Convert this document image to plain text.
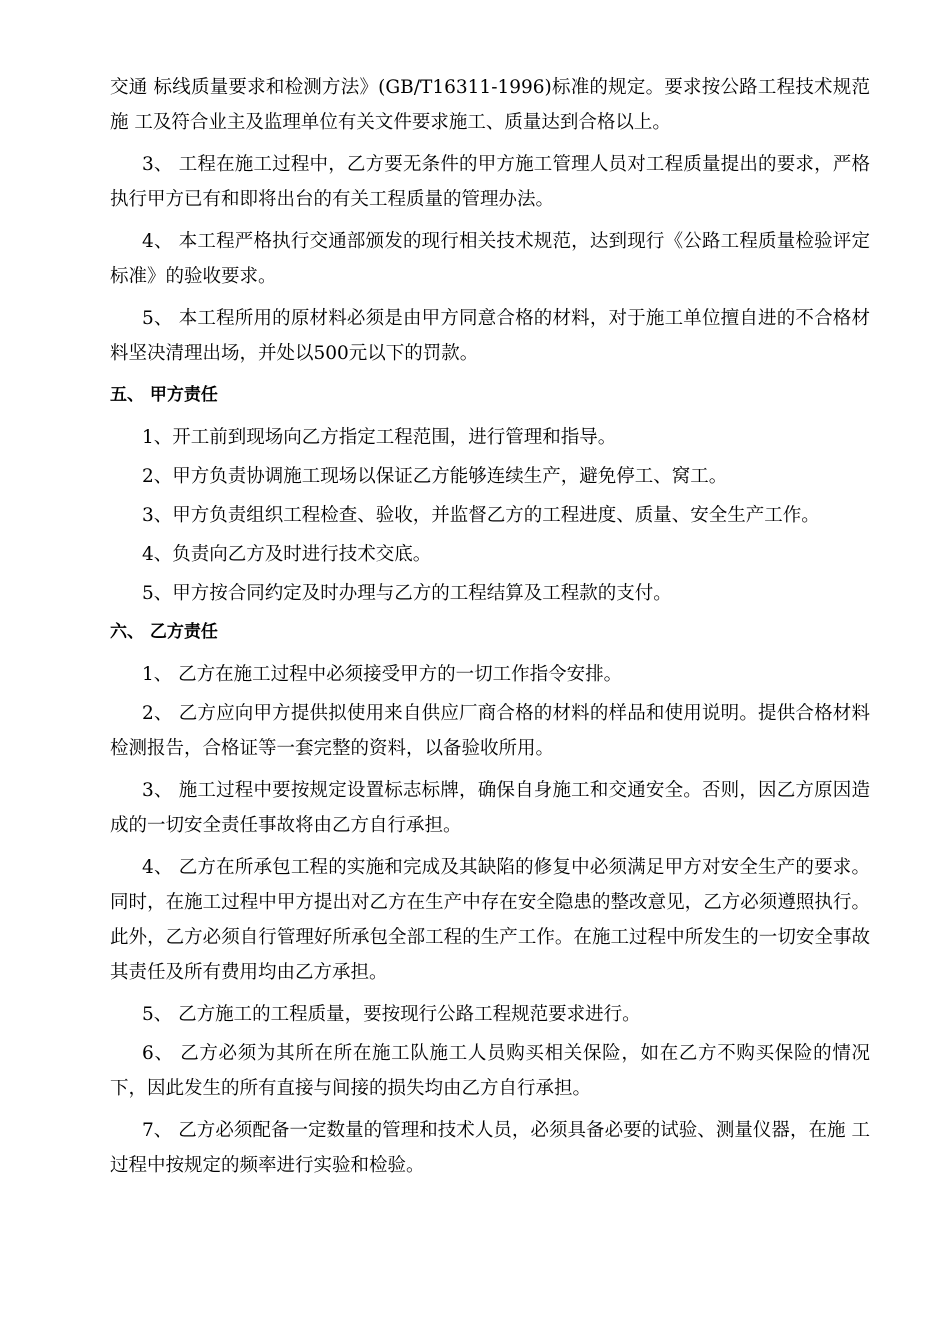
交通 标线质量要求和检测方法》(GB/T16311-1996)标准的规定。要求按公路工程技术规范施 工及符合业主及监理单位有关文件要求施工、质量达到合格以上。

3、 工程在施工过程中，乙方要无条件的甲方施工管理人员对工程质量提出的要求，严格执行甲方已有和即将出台的有关工程质量的管理办法。

4、 本工程严格执行交通部颁发的现行相关技术规范，达到现行《公路工程质量检验评定标准》的验收要求。

5、 本工程所用的原材料必须是由甲方同意合格的材料，对于施工单位擅自进的不合格材料坚决清理出场，并处以500元以下的罚款。

五、 甲方责任

1、开工前到现场向乙方指定工程范围，进行管理和指导。

2、甲方负责协调施工现场以保证乙方能够连续生产，避免停工、窝工。

3、甲方负责组织工程检查、验收，并监督乙方的工程进度、质量、安全生产工作。

4、负责向乙方及时进行技术交底。

5、甲方按合同约定及时办理与乙方的工程结算及工程款的支付。

六、 乙方责任

1、 乙方在施工过程中必须接受甲方的一切工作指令安排。

2、 乙方应向甲方提供拟使用来自供应厂商合格的材料的样品和使用说明。提供合格材料检测报告，合格证等一套完整的资料，以备验收所用。

3、 施工过程中要按规定设置标志标牌，确保自身施工和交通安全。否则，因乙方原因造成的一切安全责任事故将由乙方自行承担。

4、 乙方在所承包工程的实施和完成及其缺陷的修复中必须满足甲方对安全生产的要求。同时，在施工过程中甲方提出对乙方在生产中存在安全隐患的整改意见，乙方必须遵照执行。此外，乙方必须自行管理好所承包全部工程的生产工作。在施工过程中所发生的一切安全事故其责任及所有费用均由乙方承担。

5、 乙方施工的工程质量，要按现行公路工程规范要求进行。

6、 乙方必须为其所在所在施工队施工人员购买相关保险，如在乙方不购买保险的情况下，因此发生的所有直接与间接的损失均由乙方自行承担。

7、 乙方必须配备一定数量的管理和技术人员，必须具备必要的试验、测量仪器，在施 工过程中按规定的频率进行实验和检验。
